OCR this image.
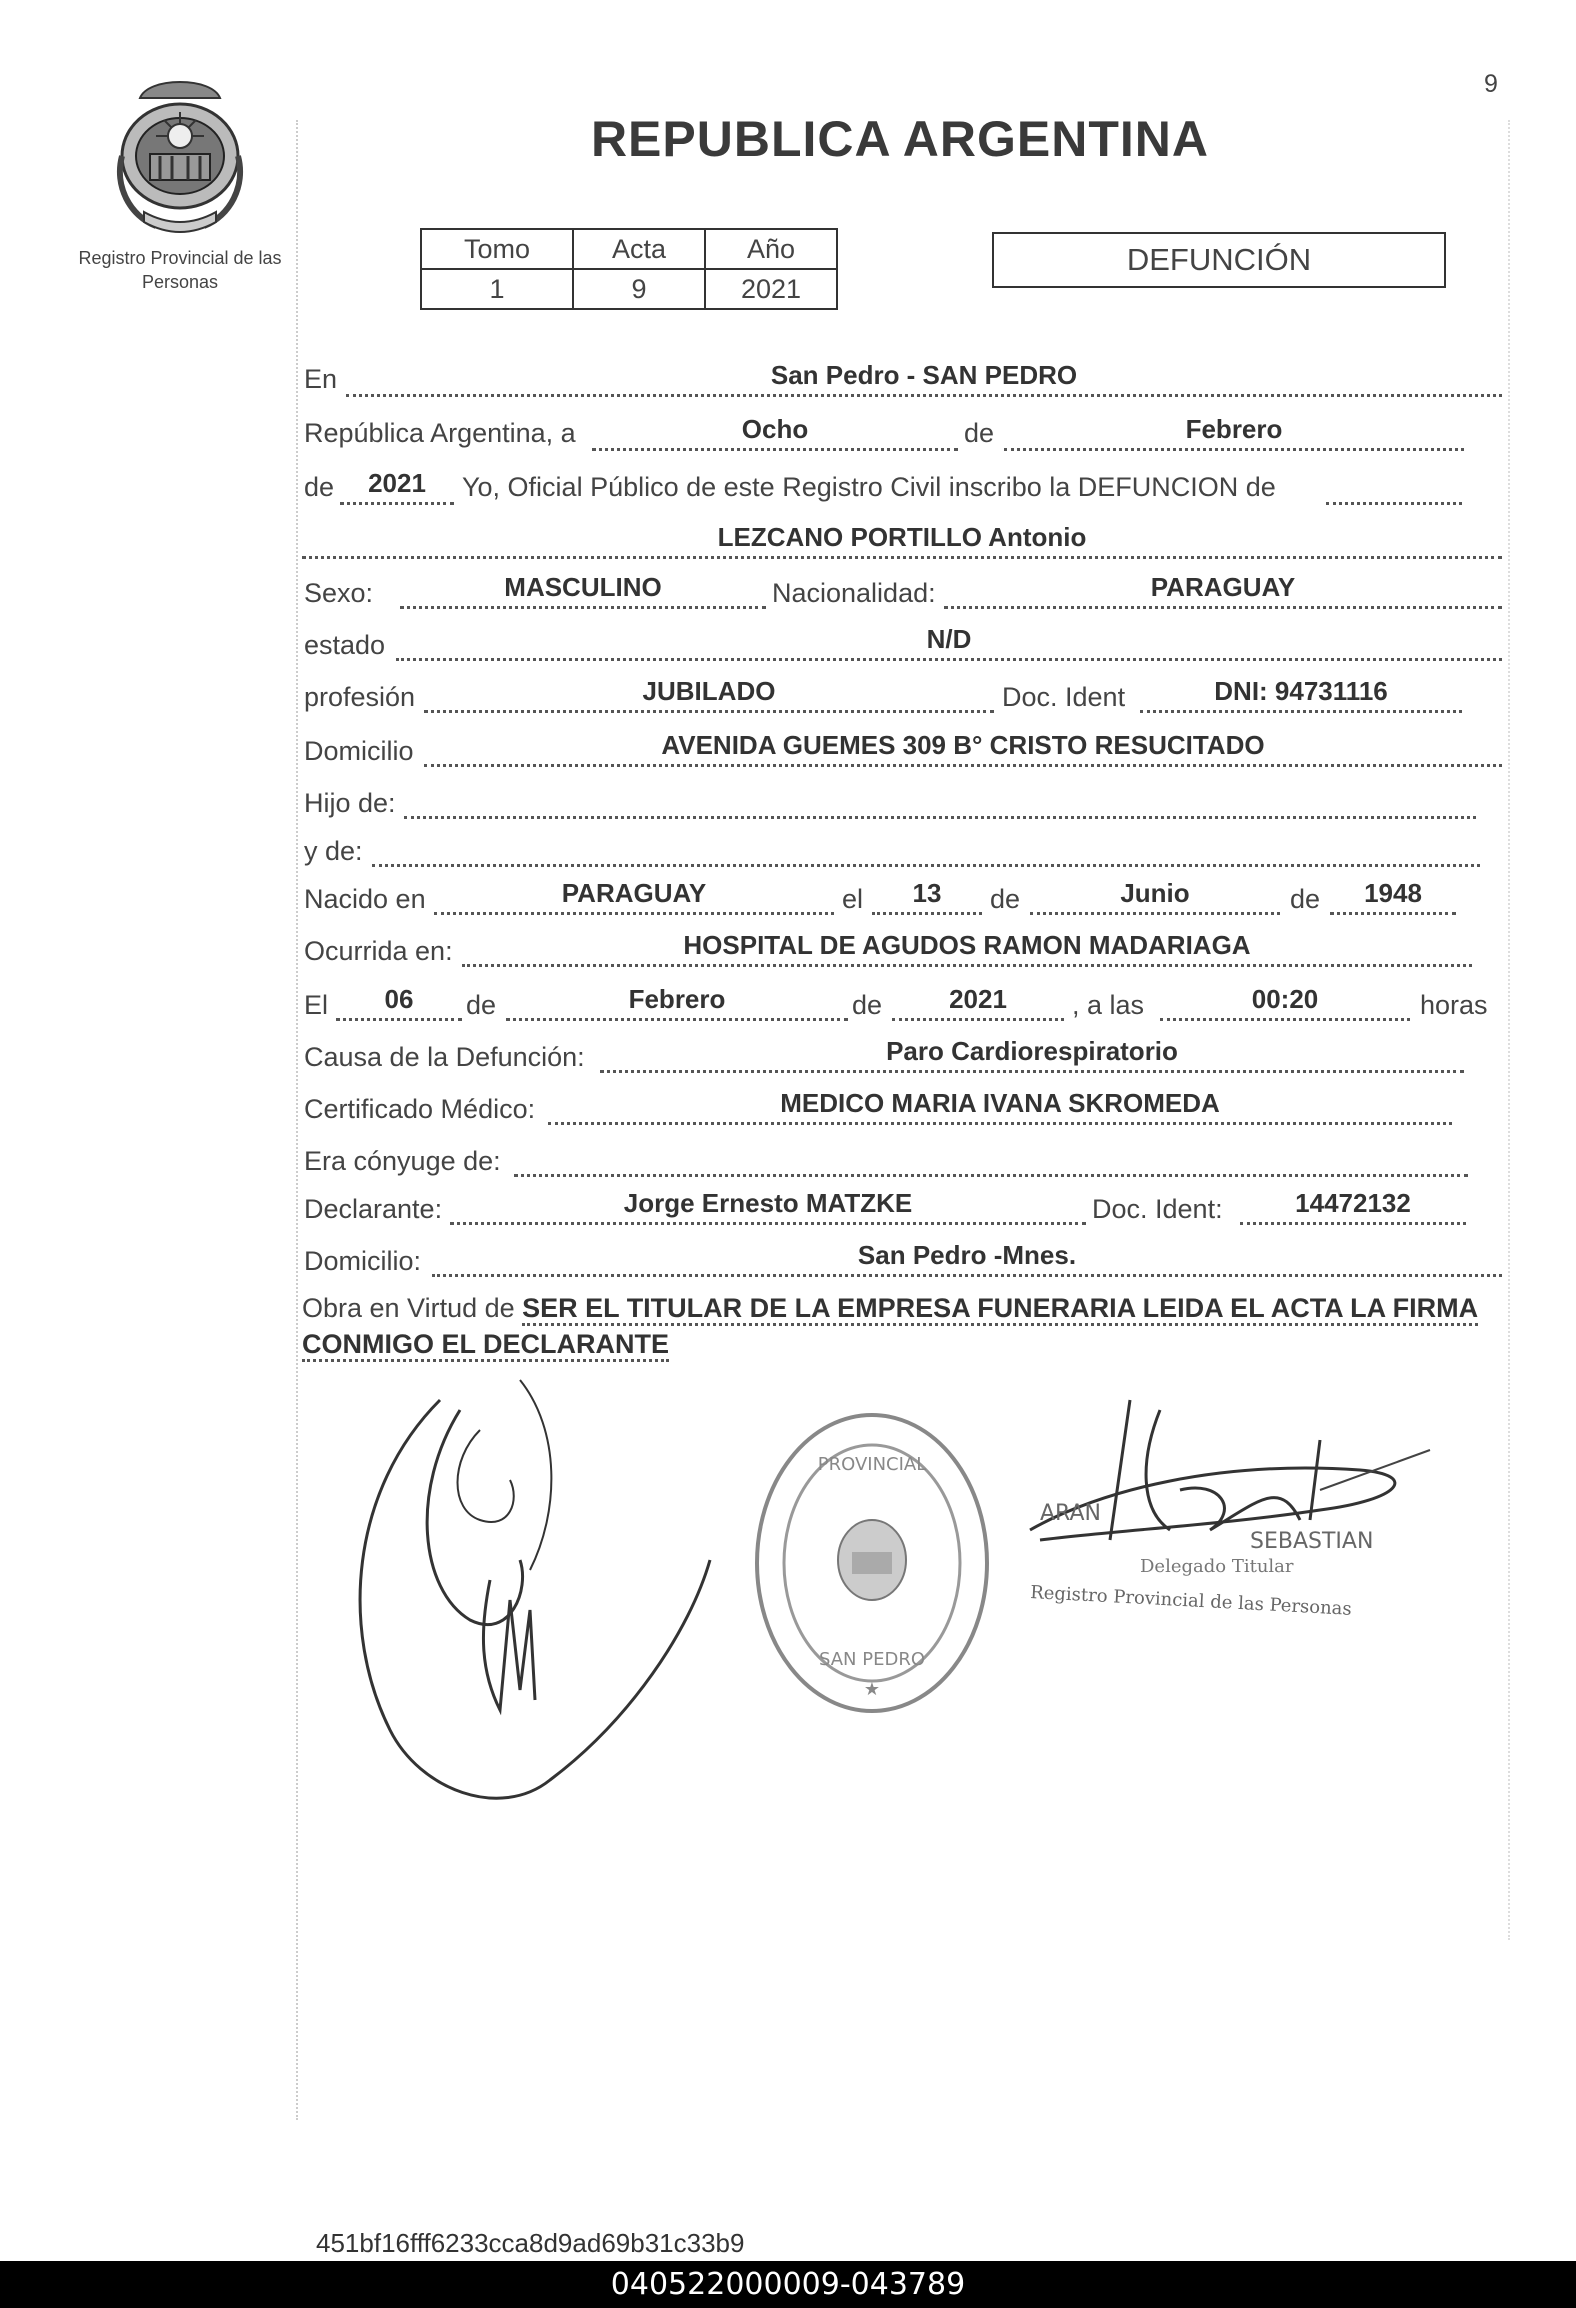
9
Registro Provincial de las Personas
REPUBLICA ARGENTINA
Tomo	Acta	Año
1	9	2021
DEFUNCIÓN
En	San Pedro - SAN PEDRO
República Argentina, a	Ocho	de	Febrero
de	2021	Yo, Oficial Público de este Registro Civil inscribo la DEFUNCION de
LEZCANO PORTILLO Antonio
Sexo:	MASCULINO	Nacionalidad:	PARAGUAY
estado	N/D
profesión	JUBILADO	Doc. Ident	DNI: 94731116
Domicilio	AVENIDA GUEMES 309 B° CRISTO RESUCITADO
Hijo de:
y de:
Nacido en	PARAGUAY	el	13	de	Junio	de	1948
Ocurrida en:	HOSPITAL DE AGUDOS RAMON MADARIAGA
El	06	de	Febrero	de	2021	, a las	00:20	horas
Causa de la Defunción:	Paro Cardiorespiratorio
Certificado Médico:	MEDICO MARIA IVANA SKROMEDA
Era cónyuge de:
Declarante:	Jorge Ernesto MATZKE	Doc. Ident:	14472132
Domicilio:	San Pedro -Mnes.
Obra en Virtud de SER EL TITULAR DE LA EMPRESA FUNERARIA LEIDA EL ACTA LA FIRMA CONMIGO EL DECLARANTE
PROVINCIAL
SAN PEDRO
★
ARAN
SEBASTIAN
Delegado Titular
Registro Provincial de las Personas
451bf16fff6233cca8d9ad69b31c33b9
040522000009-043789
